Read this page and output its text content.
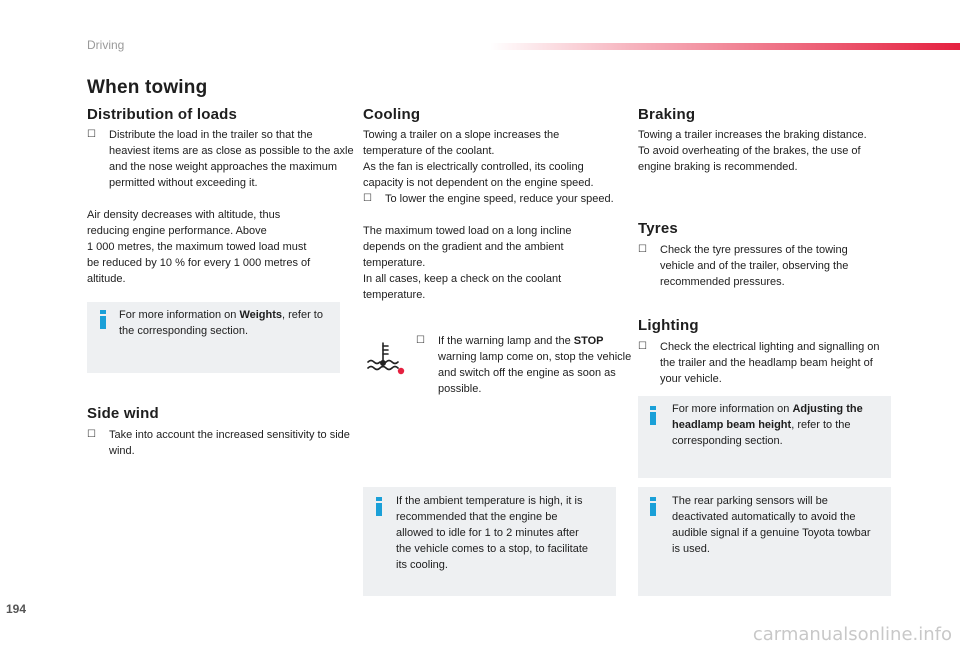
Driving
When towing
Distribution of loads
☐ Distribute the load in the trailer so that the heaviest items are as close as possible to the axle and the nose weight approaches the maximum permitted without exceeding it.
Air density decreases with altitude, thus
reducing engine performance. Above
1 000 metres, the maximum towed load must
be reduced by 10 % for every 1 000 metres of
altitude.
For more information on Weights, refer to the corresponding section.
Side wind
☐ Take into account the increased sensitivity to side wind.
Cooling
Towing a trailer on a slope increases the
temperature of the coolant.
As the fan is electrically controlled, its cooling
capacity is not dependent on the engine speed.
☐ To lower the engine speed, reduce your speed.
The maximum towed load on a long incline
depends on the gradient and the ambient
temperature.
In all cases, keep a check on the coolant
temperature.
☐ If the warning lamp and the STOP warning lamp come on, stop the vehicle and switch off the engine as soon as possible.
If the ambient temperature is high, it is recommended that the engine be allowed to idle for 1 to 2 minutes after the vehicle comes to a stop, to facilitate its cooling.
Braking
Towing a trailer increases the braking distance.
To avoid overheating of the brakes, the use of
engine braking is recommended.
Tyres
☐ Check the tyre pressures of the towing vehicle and of the trailer, observing the recommended pressures.
Lighting
☐ Check the electrical lighting and signalling on the trailer and the headlamp beam height of your vehicle.
For more information on Adjusting the headlamp beam height, refer to the corresponding section.
The rear parking sensors will be deactivated automatically to avoid the audible signal if a genuine Toyota towbar is used.
194
carmanualsonline.info
